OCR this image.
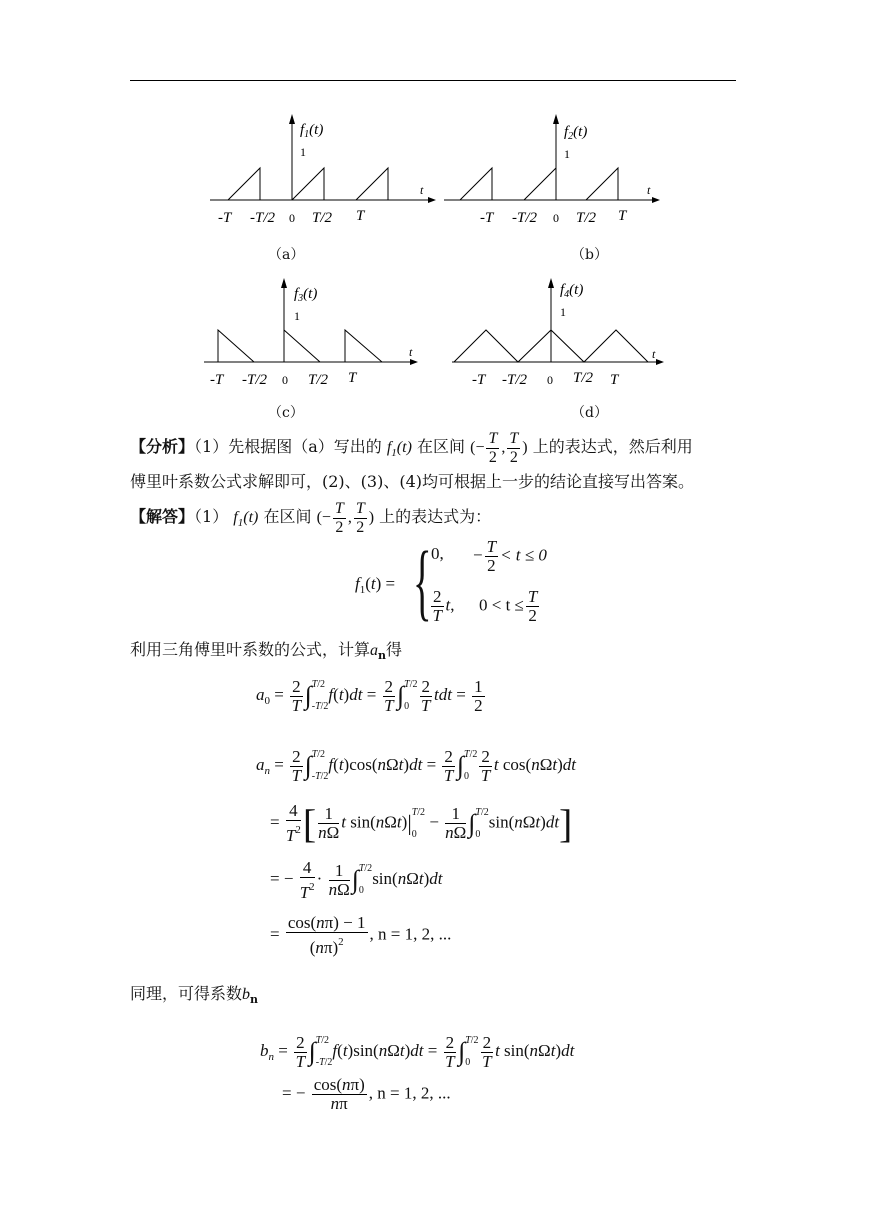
$f_1(t)$
1
t
-T -T/2 0 T/2 T
（a）
$f_2(t)$
1
t
-T -T/2 0 T/2 T
（b）
$f_3(t)$
1
t
-T -T/2 0 T/2 T
（c）
$f_4(t)$
1
t
-T -T/2 0 T/2 T
（d）
【分析】（1）先根据图（a）写出的 $f_1(t)$ 在区间 (− $\frac{T}{2}$ , $\frac{T}{2}$ ) 上的表达式，然后利用
傅里叶系数公式求解即可，(2)、(3)、(4)均可根据上一步的结论直接写出答案。
【解答】（1） $f_1(t)$ 在区间 (− $\frac{T}{2}$ , $\frac{T}{2}$ ) 上的表达式为：
$f_1(t)$ = { 0, − $\frac{T}{2} < t \le 0$
$\frac{2}{T} t$, $0 < t \le \frac{T}{2}$
利用三角傅里叶系数的公式，计算$a_n$得
$a_0 = \frac{2}{T}$ ∫ T/2
-T/2
$f(t)dt = \frac{2}{T}$ ∫ T/2
$0 \frac{2}{T}$ tdt = $\frac{1}{2}$
$a_n = \frac{2}{T}$ ∫ T/2
-T/2
$f(t)\cos(n\Omega t)dt = \frac{2}{T}$ ∫ T/2
$0 \frac{2}{T}$ t cos(nΩt)dt
= $\frac{4}{T^2}$ [ $\frac{1}{n\Omega}$ t sin(nΩt)| T/2
0
− $\frac{1}{n\Omega}$ ∫ T/2
0
sin(nΩt)dt]
= − $\frac{4}{T^2} \cdot \frac{1}{n\Omega}$ ∫ T/2
0
sin(nΩt)dt
= $\frac{\cos(n\pi) - 1}{(n\pi)^2}$ , n = 1, 2, ...
同理，可得系数$b_n$
$b_n = \frac{2}{T}$ ∫ T/2
-T/2
$f(t)\sin(n\Omega t)dt = \frac{2}{T}$ ∫ T/2
$0 \frac{2}{T}$ t sin(nΩt)dt
= − $\frac{\cos(n\pi)}{n\pi}$ , n = 1, 2, ...
